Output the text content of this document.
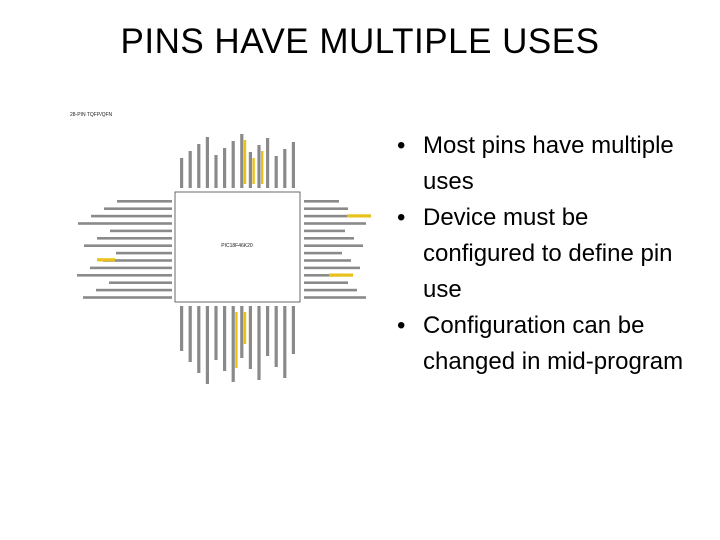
PINS HAVE MULTIPLE USES
28-PIN TQFP/QFN
PIC18F46K20
• Most pins have multiple uses
• Device must be configured to define pin use
• Configuration can be changed in mid-program
